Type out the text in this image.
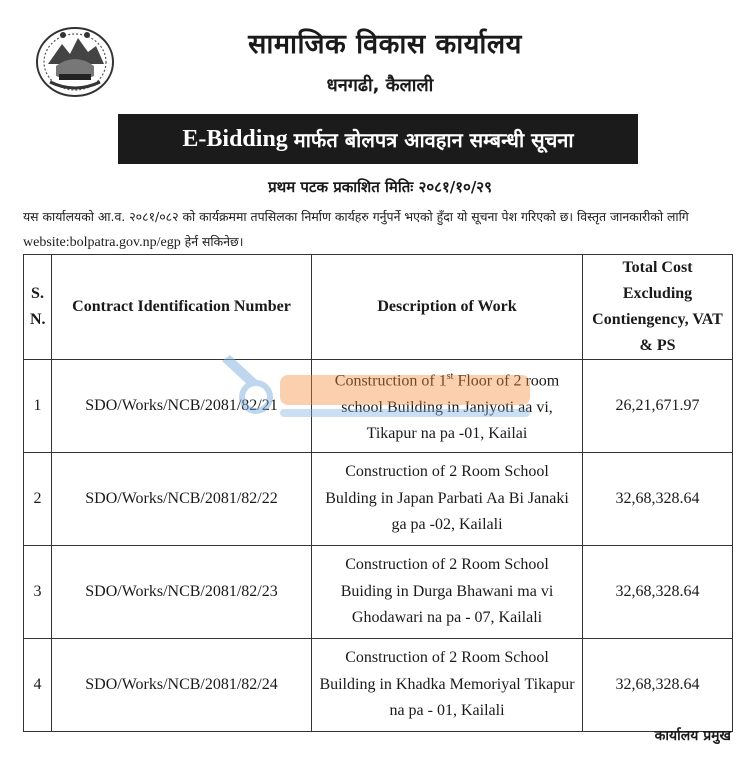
सामाजिक विकास कार्यालय
धनगढी, कैलाली
E-Bidding मार्फत बोलपत्र आवहान सम्बन्धी सूचना
प्रथम पटक प्रकाशित मितिः २०८१/१०/२९
यस कार्यालयको आ.व. २०८१/०८२ को कार्यक्रममा तपसिलका निर्माण कार्यहरु गर्नुपर्ने भएको हुँदा यो सूचना पेश गरिएको छ। विस्तृत जानकारीको लागि website:bolpatra.gov.np/egp हेर्न सकिनेछ।
S. N.	Contract Identification Number	Description of Work	Total Cost Excluding Contiengency, VAT & PS
1	SDO/Works/NCB/2081/82/21	Construction of 1st Floor of 2 room school Building in Janjyoti aa vi, Tikapur na pa -01, Kailai	26,21,671.97
2	SDO/Works/NCB/2081/82/22	Construction of 2 Room School Bulding in Japan Parbati Aa Bi Janaki ga pa -02, Kailali	32,68,328.64
3	SDO/Works/NCB/2081/82/23	Construction of 2 Room School Buiding in Durga Bhawani ma vi Ghodawari na pa - 07, Kailali	32,68,328.64
4	SDO/Works/NCB/2081/82/24	Construction of 2 Room School Building in Khadka Memoriyal Tikapur na pa - 01, Kailali	32,68,328.64
कार्यालय प्रमुख
